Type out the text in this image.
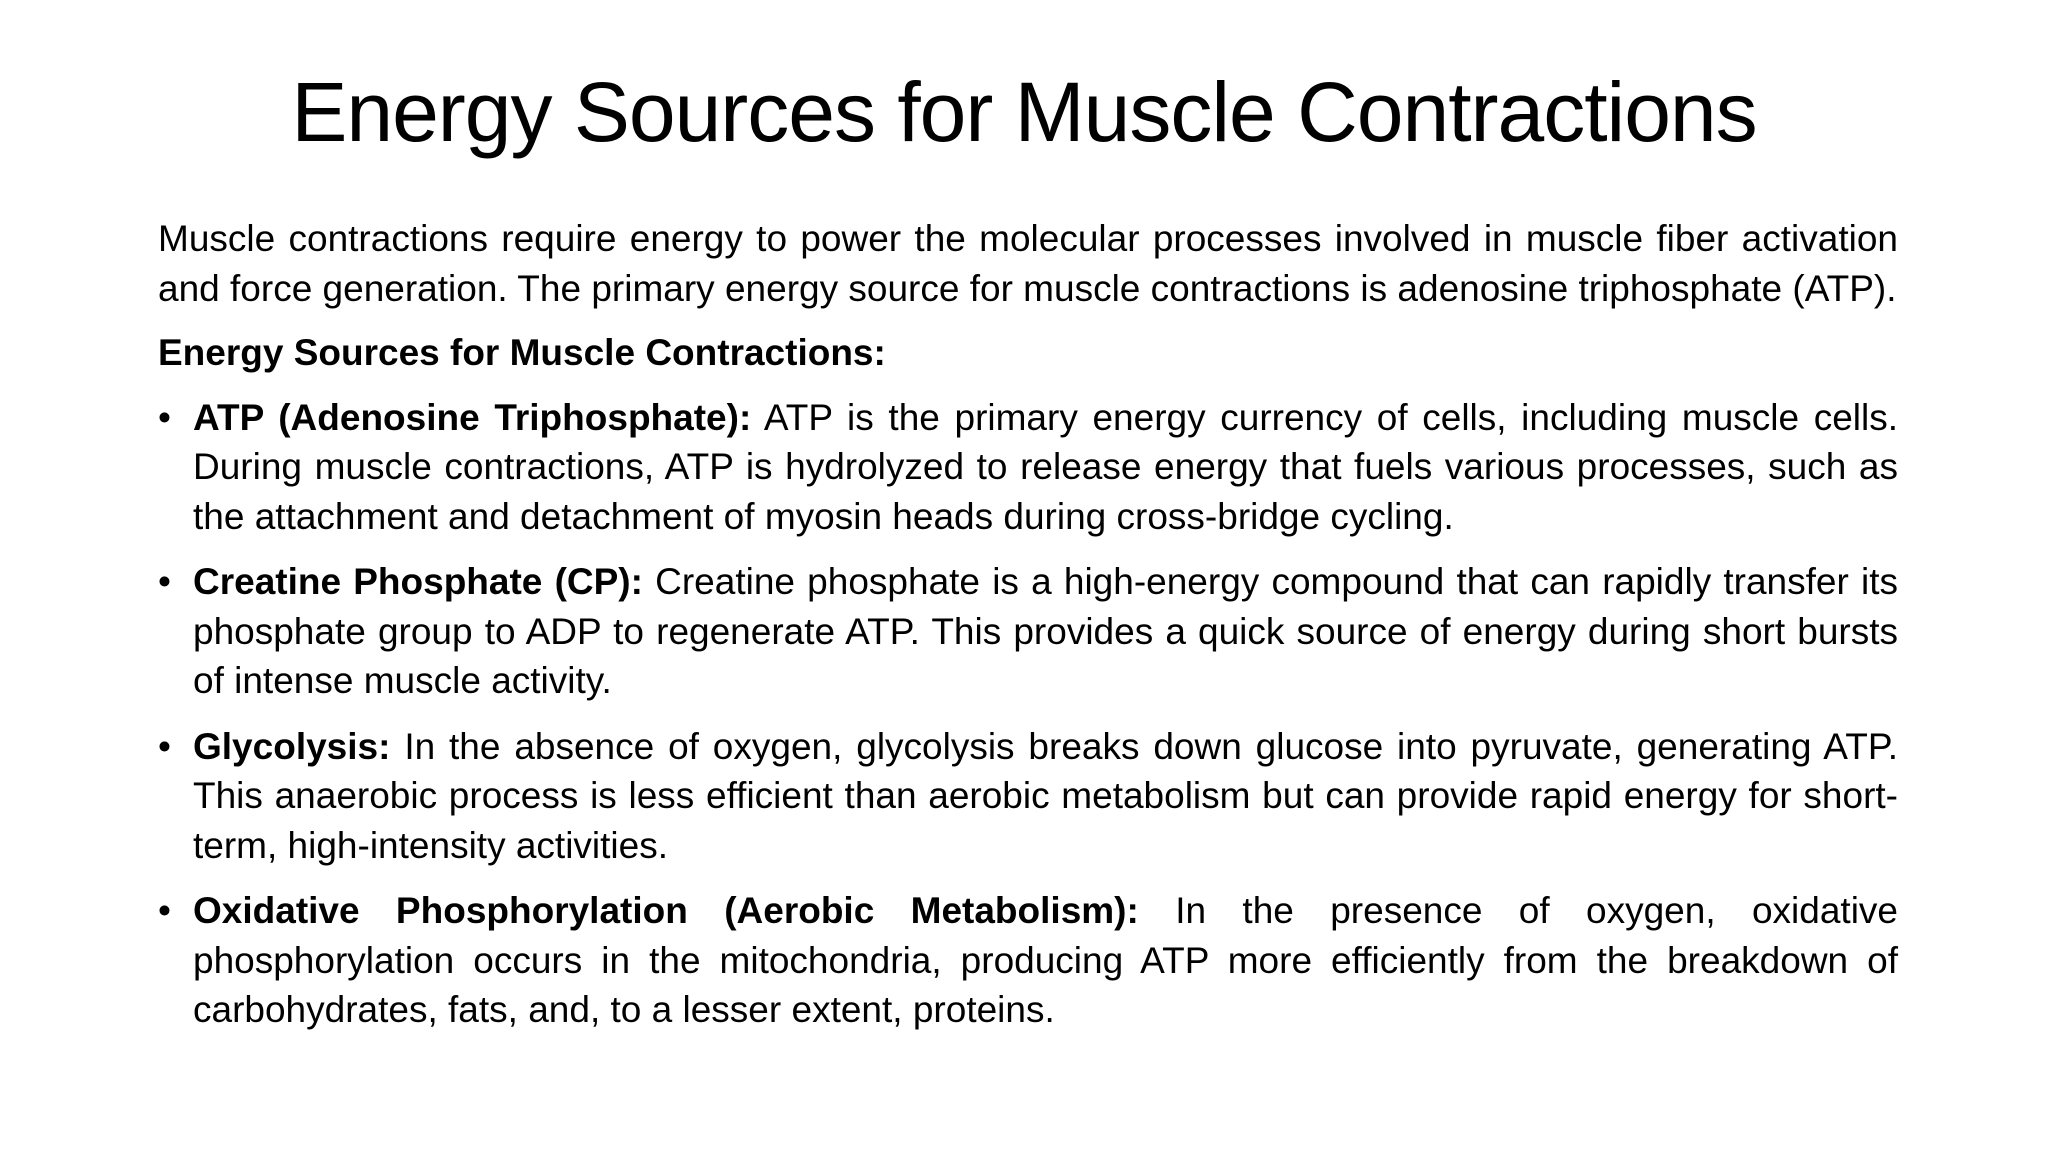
Energy Sources for Muscle Contractions

Muscle contractions require energy to power the molecular processes involved in muscle fiber activation and force generation. The primary energy source for muscle contractions is adenosine triphosphate (ATP).

Energy Sources for Muscle Contractions:

• ATP (Adenosine Triphosphate): ATP is the primary energy currency of cells, including muscle cells. During muscle contractions, ATP is hydrolyzed to release energy that fuels various processes, such as the attachment and detachment of myosin heads during cross-bridge cycling.
• Creatine Phosphate (CP): Creatine phosphate is a high-energy compound that can rapidly transfer its phosphate group to ADP to regenerate ATP. This provides a quick source of energy during short bursts of intense muscle activity.
• Glycolysis: In the absence of oxygen, glycolysis breaks down glucose into pyruvate, generating ATP. This anaerobic process is less efficient than aerobic metabolism but can provide rapid energy for short-term, high-intensity activities.
• Oxidative Phosphorylation (Aerobic Metabolism): In the presence of oxygen, oxidative phosphorylation occurs in the mitochondria, producing ATP more efficiently from the breakdown of carbohydrates, fats, and, to a lesser extent, proteins.
